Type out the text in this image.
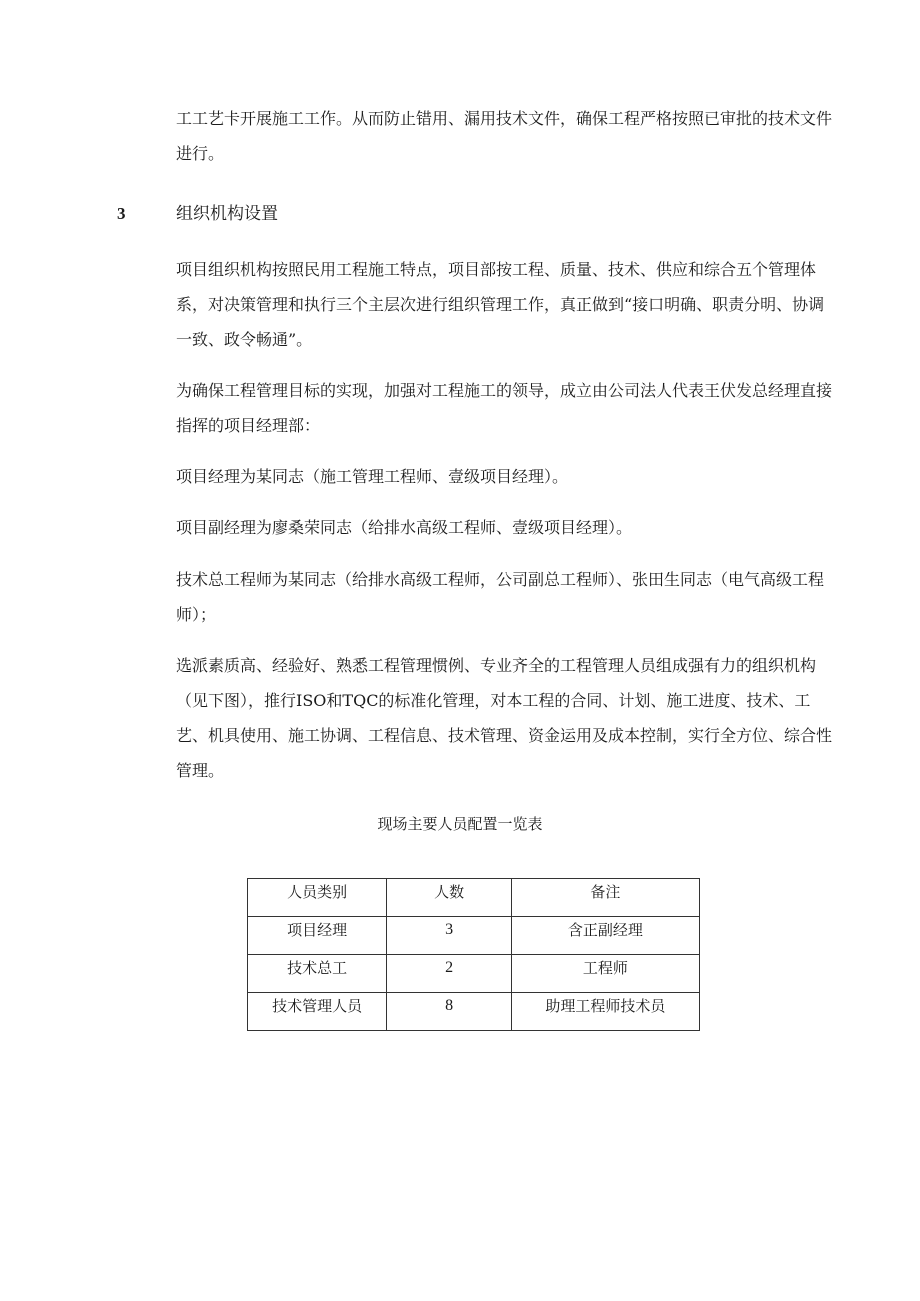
工工艺卡开展施工工作。从而防止错用、漏用技术文件，确保工程严格按照已审批的技术文件进行。

3	组织机构设置

项目组织机构按照民用工程施工特点，项目部按工程、质量、技术、供应和综合五个管理体系，对决策管理和执行三个主层次进行组织管理工作，真正做到“接口明确、职责分明、协调一致、政令畅通”。

为确保工程管理目标的实现，加强对工程施工的领导，成立由公司法人代表王伏发总经理直接指挥的项目经理部：

项目经理为某同志（施工管理工程师、壹级项目经理）。

项目副经理为廖桑荣同志（给排水高级工程师、壹级项目经理）。

技术总工程师为某同志（给排水高级工程师，公司副总工程师）、张田生同志（电气高级工程师）；

选派素质高、经验好、熟悉工程管理惯例、专业齐全的工程管理人员组成强有力的组织机构（见下图），推行ISO和TQC的标准化管理，对本工程的合同、计划、施工进度、技术、工艺、机具使用、施工协调、工程信息、技术管理、资金运用及成本控制，实行全方位、综合性管理。

现场主要人员配置一览表
人员类别	人数	备注
项目经理	3	含正副经理
技术总工	2	工程师
技术管理人员	8	助理工程师技术员
